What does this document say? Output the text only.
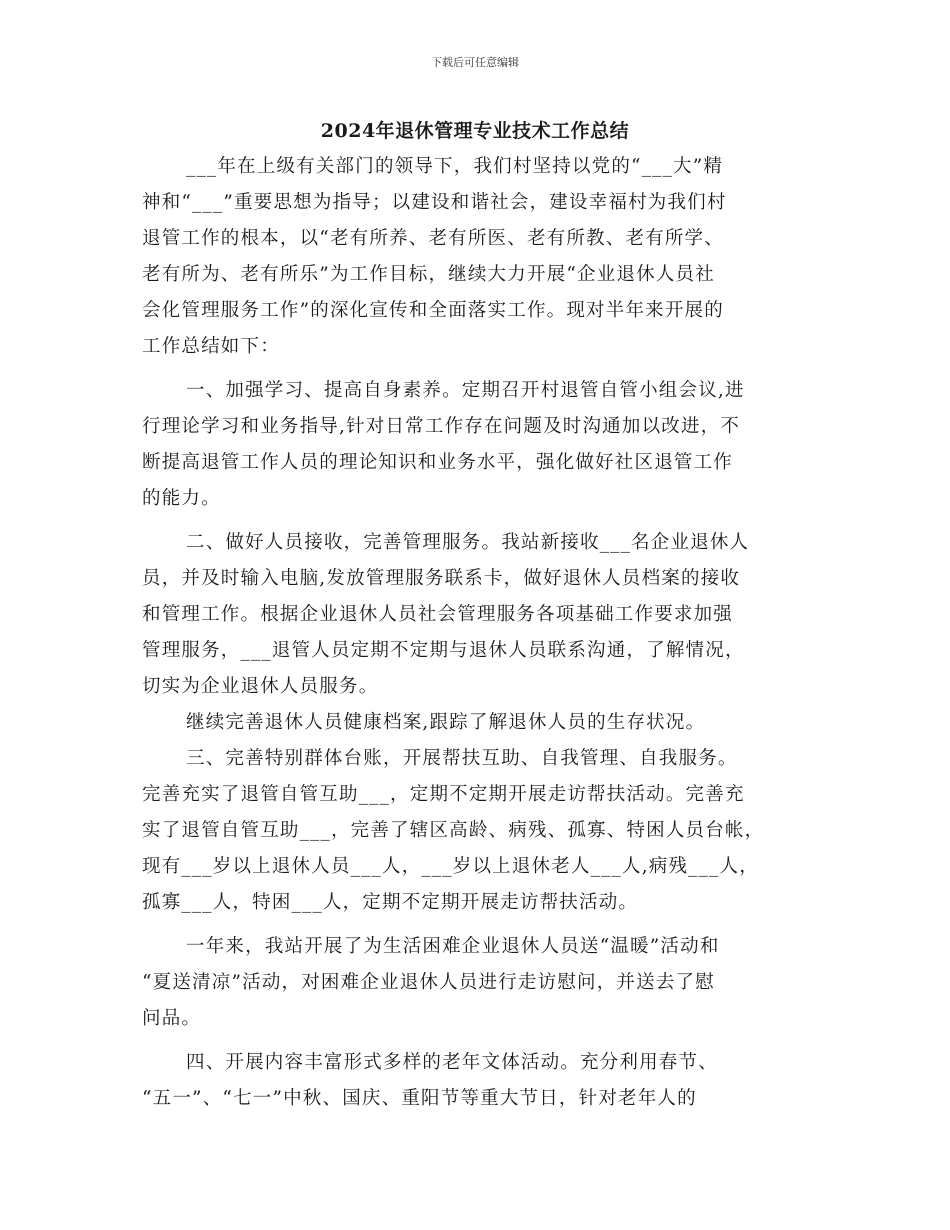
下载后可任意编辑
2024年退休管理专业技术工作总结
___年在上级有关部门的领导下，我们村坚持以党的“___大”精
神和“___”重要思想为指导；以建设和谐社会，建设幸福村为我们村
退管工作的根本，以“老有所养、老有所医、老有所教、老有所学、
老有所为、老有所乐”为工作目标，继续大力开展“企业退休人员社
会化管理服务工作”的深化宣传和全面落实工作。现对半年来开展的
工作总结如下：
一、加强学习、提高自身素养。定期召开村退管自管小组会议,进
行理论学习和业务指导,针对日常工作存在问题及时沟通加以改进，不
断提高退管工作人员的理论知识和业务水平，强化做好社区退管工作
的能力。
二、做好人员接收，完善管理服务。我站新接收___名企业退休人
员，并及时输入电脑,发放管理服务联系卡，做好退休人员档案的接收
和管理工作。根据企业退休人员社会管理服务各项基础工作要求加强
管理服务，___退管人员定期不定期与退休人员联系沟通，了解情况，
切实为企业退休人员服务。
继续完善退休人员健康档案,跟踪了解退休人员的生存状况。
三、完善特别群体台账，开展帮扶互助、自我管理、自我服务。
完善充实了退管自管互助___，定期不定期开展走访帮扶活动。完善充
实了退管自管互助___，完善了辖区高龄、病残、孤寡、特困人员台帐，
现有___岁以上退休人员___人，___岁以上退休老人___人,病残___人，
孤寡___人，特困___人，定期不定期开展走访帮扶活动。
一年来，我站开展了为生活困难企业退休人员送“温暖”活动和
“夏送清凉”活动，对困难企业退休人员进行走访慰问，并送去了慰
问品。
四、开展内容丰富形式多样的老年文体活动。充分利用春节、
“五一”、“七一”中秋、国庆、重阳节等重大节日，针对老年人的
